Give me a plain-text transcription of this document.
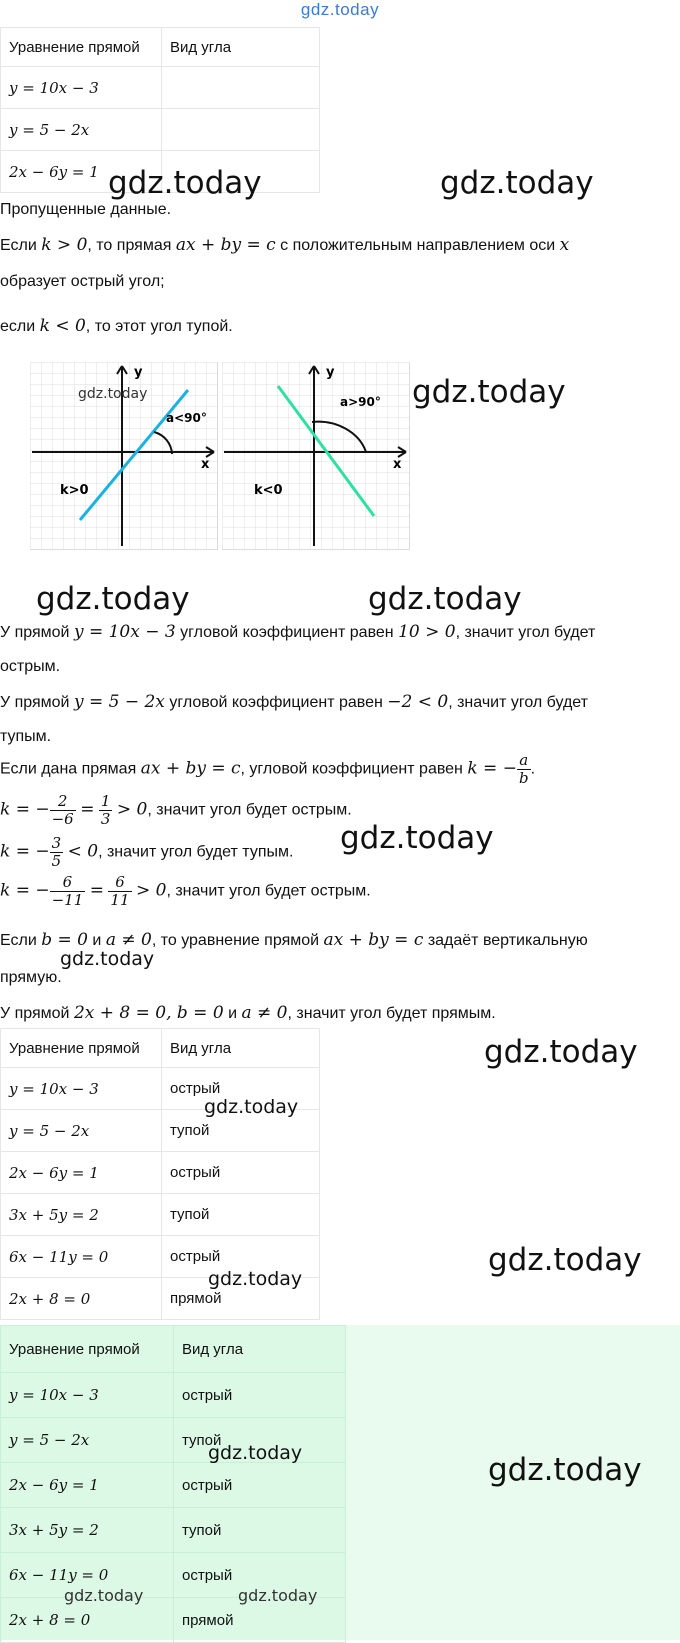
gdz.today
Уравнение прямой	Вид угла
y = 10x − 3	
y = 5 − 2x	
2x − 6y = 1	gdz.today	gdz.today
Пропущенные данные.
Если k > 0, то прямая ax + by = c с положительным направлением оси x
образует острый угол;
если k < 0, то этот угол тупой.
y
x
a<90°
k>0
gdz.today
y
x
a>90°
k<0
gdz.today
gdz.today	gdz.today
У прямой y = 10x − 3 угловой коэффициент равен 10 > 0, значит угол будет
острым.
У прямой y = 5 − 2x угловой коэффициент равен −2 < 0, значит угол будет
тупым.
Если дана прямая ax + by = c, угловой коэффициент равен k = − $\frac{a}{b}$ .
k = − $\frac{2}{-6} = \frac{1}{3} > 0$, значит угол будет острым.
k = − $\frac{3}{5} < 0$, значит угол будет тупым.
k = − $\frac{6}{-11} = \frac{6}{11} > 0$, значит угол будет острым.
gdz.today
Если b = 0 и a ≠ 0, то уравнение прямой ax + by = c задаёт вертикальную
прямую.
gdz.today
У прямой 2x + 8 = 0, b = 0 и a ≠ 0, значит угол будет прямым.
Уравнение прямой	Вид угла
y = 10x − 3	острый
y = 5 − 2x	тупой
2x − 6y = 1	острый
3x + 5y = 2	тупой
6x − 11y = 0	острый
2x + 8 = 0	прямой
gdz.today
gdz.today
gdz.today
gdz.today
Уравнение прямой	Вид угла
y = 10x − 3	острый
y = 5 − 2x	тупой
2x − 6y = 1	острый
3x + 5y = 2	тупой
6x − 11y = 0	острый
2x + 8 = 0	прямой
gdz.today	gdz.today
gdz.today	gdz.today
